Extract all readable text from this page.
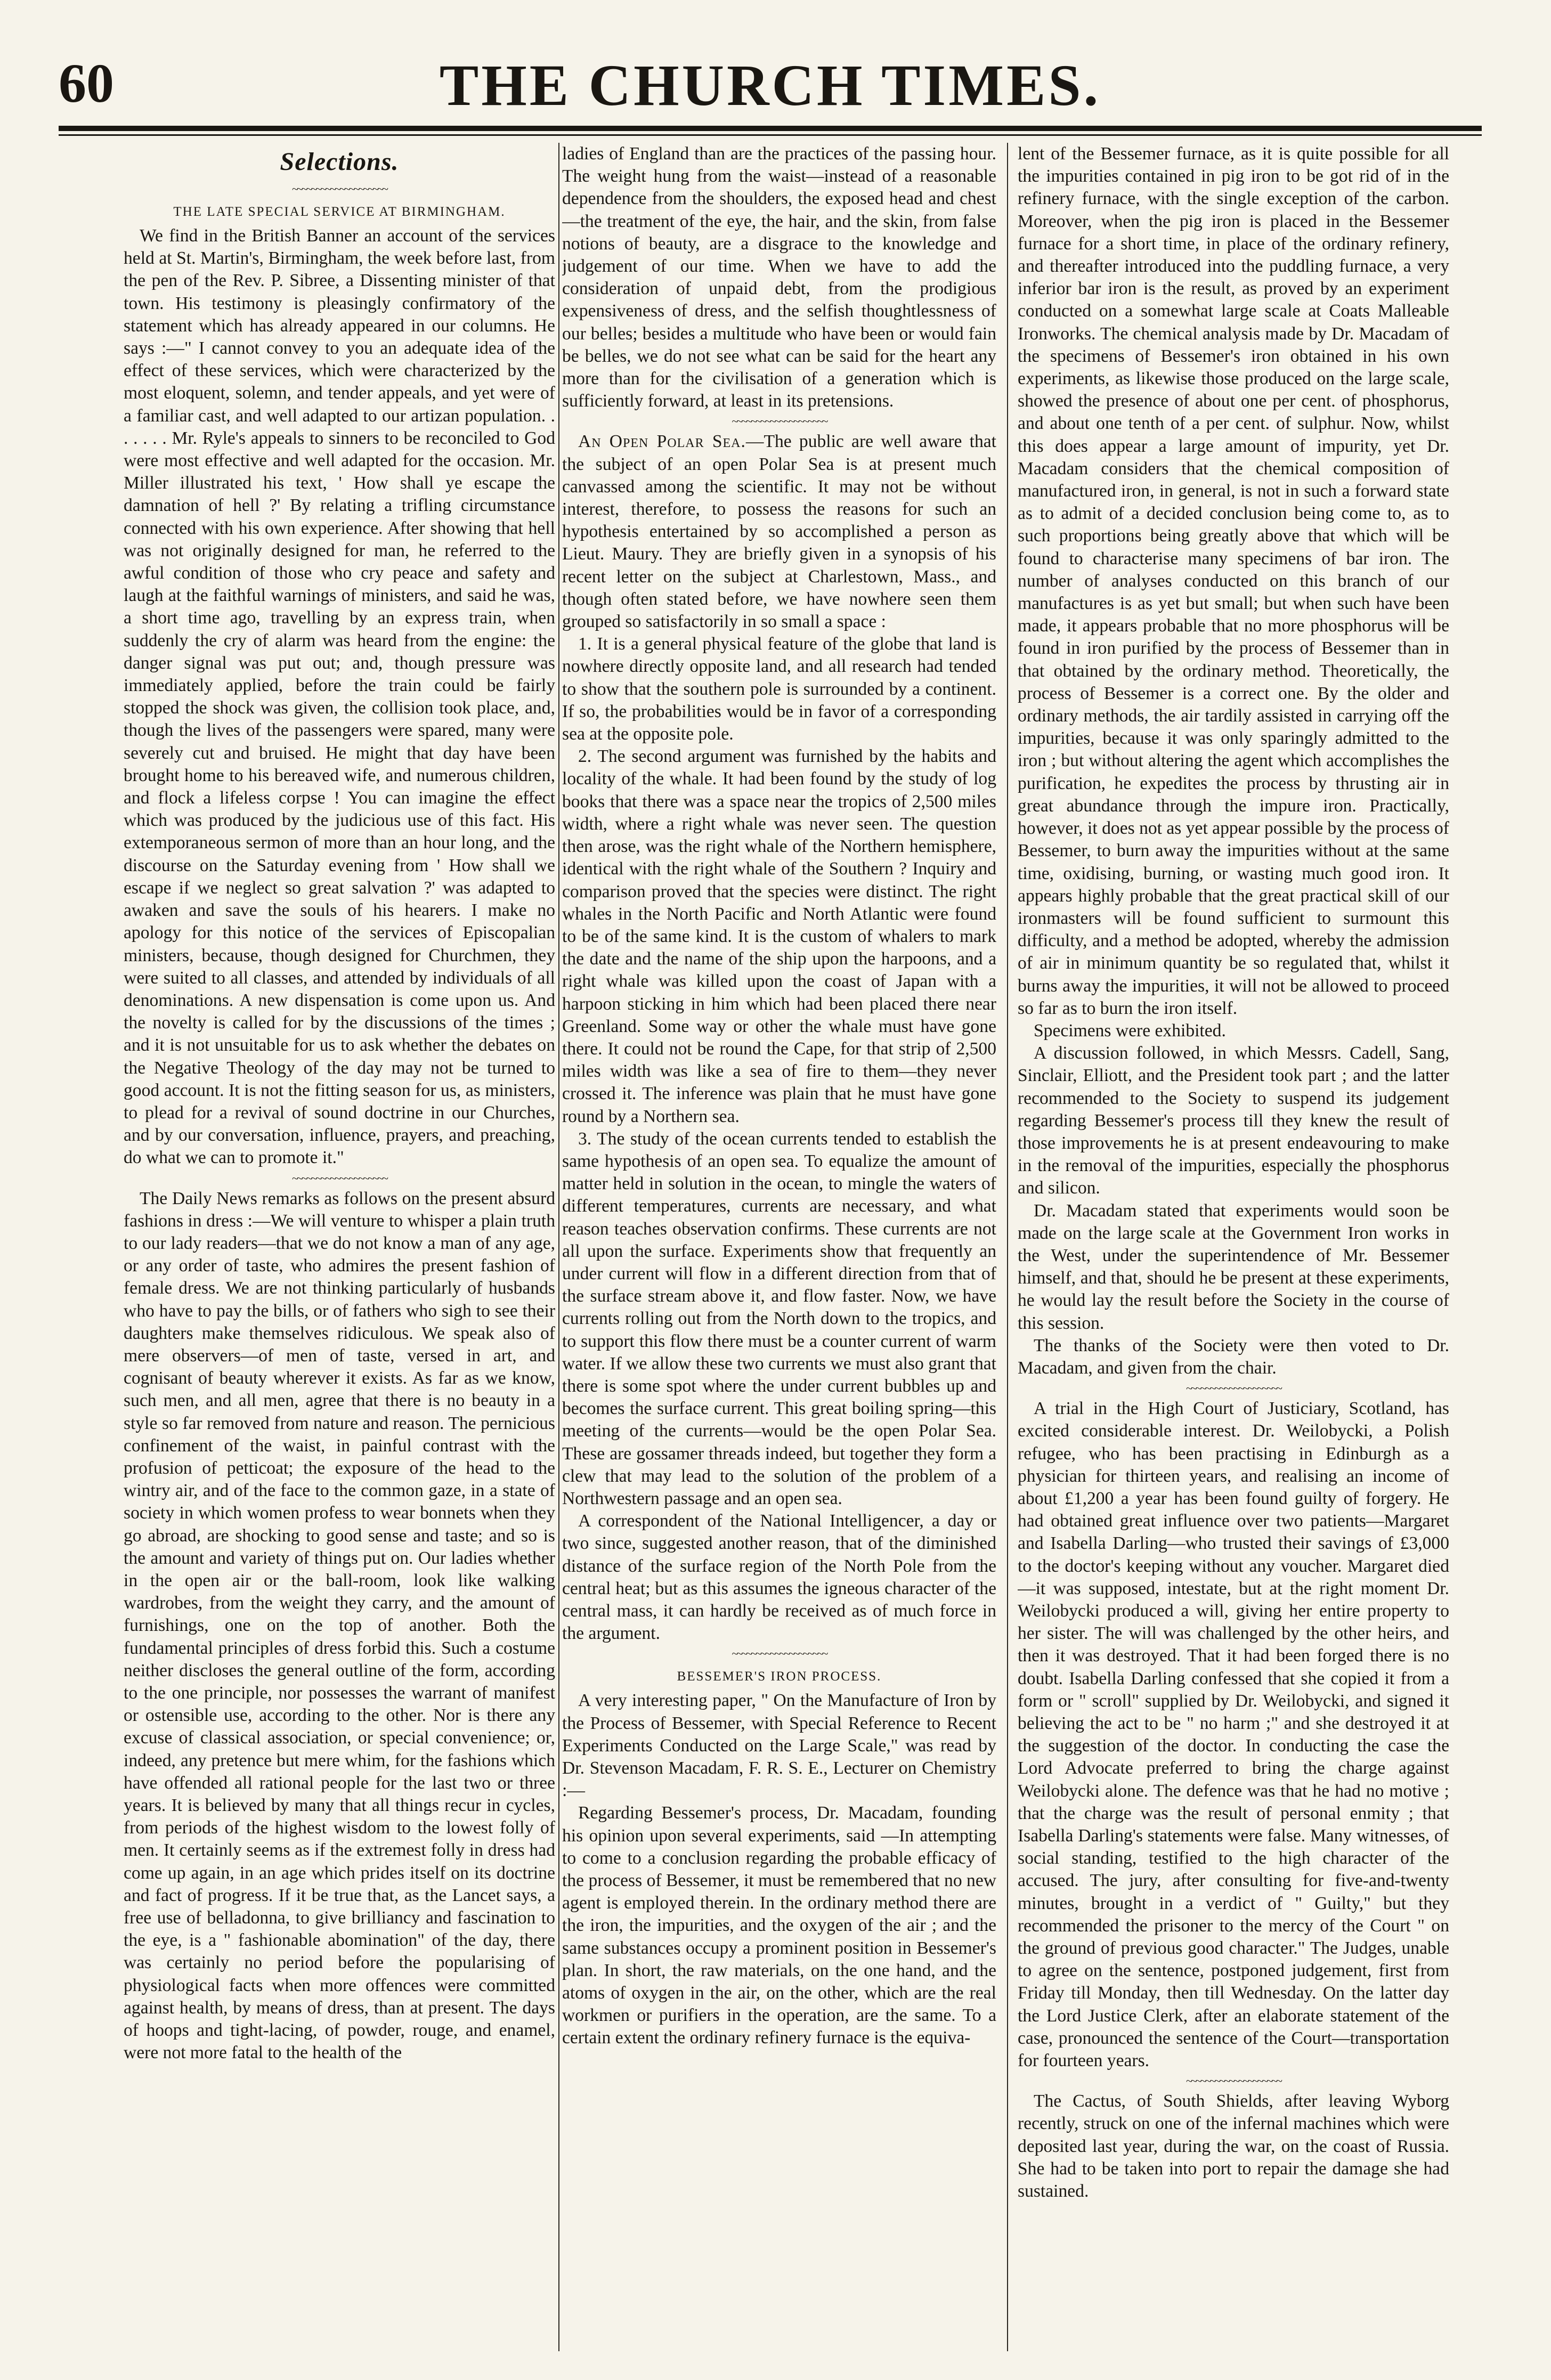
60	THE CHURCH TIMES.
Selections.
~~~~~~~~~~~~~~~~~~~~
THE LATE SPECIAL SERVICE AT BIRMINGHAM.

We find in the British Banner an account of the services held at St. Martin's, Birmingham, the week before last, from the pen of the Rev. P. Sibree, a Dissenting minister of that town. His testimony is pleasingly confirmatory of the statement which has already appeared in our columns. He says :—" I cannot convey to you an adequate idea of the effect of these services, which were characterized by the most eloquent, solemn, and tender appeals, and yet were of a familiar cast, and well adapted to our artizan population. . . . . . . Mr. Ryle's appeals to sinners to be reconciled to God were most effective and well adapted for the occasion. Mr. Miller illustrated his text, ' How shall ye escape the damnation of hell ?' By relating a trifling circumstance connected with his own experience. After showing that hell was not originally designed for man, he referred to the awful condition of those who cry peace and safety and laugh at the faithful warnings of ministers, and said he was, a short time ago, travelling by an express train, when suddenly the cry of alarm was heard from the engine: the danger signal was put out; and, though pressure was immediately applied, before the train could be fairly stopped the shock was given, the collision took place, and, though the lives of the passengers were spared, many were severely cut and bruised. He might that day have been brought home to his bereaved wife, and numerous children, and flock a lifeless corpse ! You can imagine the effect which was produced by the judicious use of this fact. His extemporaneous sermon of more than an hour long, and the discourse on the Saturday evening from ' How shall we escape if we neglect so great salvation ?' was adapted to awaken and save the souls of his hearers. I make no apology for this notice of the services of Episcopalian ministers, because, though designed for Churchmen, they were suited to all classes, and attended by individuals of all denominations. A new dispensation is come upon us. And the novelty is called for by the discussions of the times ; and it is not unsuitable for us to ask whether the debates on the Negative Theology of the day may not be turned to good account. It is not the fitting season for us, as ministers, to plead for a revival of sound doctrine in our Churches, and by our conversation, influence, prayers, and preaching, do what we can to promote it."

~~~~~~~~~~~~~~~~~~~~

The Daily News remarks as follows on the present absurd fashions in dress :—We will venture to whisper a plain truth to our lady readers—that we do not know a man of any age, or any order of taste, who admires the present fashion of female dress. We are not thinking particularly of husbands who have to pay the bills, or of fathers who sigh to see their daughters make themselves ridiculous. We speak also of mere observers—of men of taste, versed in art, and cognisant of beauty wherever it exists. As far as we know, such men, and all men, agree that there is no beauty in a style so far removed from nature and reason. The pernicious confinement of the waist, in painful contrast with the profusion of petticoat; the exposure of the head to the wintry air, and of the face to the common gaze, in a state of society in which women profess to wear bonnets when they go abroad, are shocking to good sense and taste; and so is the amount and variety of things put on. Our ladies whether in the open air or the ball-room, look like walking wardrobes, from the weight they carry, and the amount of furnishings, one on the top of another. Both the fundamental principles of dress forbid this. Such a costume neither discloses the general outline of the form, according to the one principle, nor possesses the warrant of manifest or ostensible use, according to the other. Nor is there any excuse of classical association, or special convenience; or, indeed, any pretence but mere whim, for the fashions which have offended all rational people for the last two or three years. It is believed by many that all things recur in cycles, from periods of the highest wisdom to the lowest folly of men. It certainly seems as if the extremest folly in dress had come up again, in an age which prides itself on its doctrine and fact of progress. If it be true that, as the Lancet says, a free use of belladonna, to give brilliancy and fascination to the eye, is a " fashionable abomination" of the day, there was certainly no period before the popularising of physiological facts when more offences were committed against health, by means of dress, than at present. The days of hoops and tight-lacing, of powder, rouge, and enamel, were not more fatal to the health of the

ladies of England than are the practices of the passing hour. The weight hung from the waist—instead of a reasonable dependence from the shoulders, the exposed head and chest—the treatment of the eye, the hair, and the skin, from false notions of beauty, are a disgrace to the knowledge and judgement of our time. When we have to add the consideration of unpaid debt, from the prodigious expensiveness of dress, and the selfish thoughtlessness of our belles; besides a multitude who have been or would fain be belles, we do not see what can be said for the heart any more than for the civilisation of a generation which is sufficiently forward, at least in its pretensions.

~~~~~~~~~~~~~~~~~~~~

An Open Polar Sea.—The public are well aware that the subject of an open Polar Sea is at present much canvassed among the scientific. It may not be without interest, therefore, to possess the reasons for such an hypothesis entertained by so accomplished a person as Lieut. Maury. They are briefly given in a synopsis of his recent letter on the subject at Charlestown, Mass., and though often stated before, we have nowhere seen them grouped so satisfactorily in so small a space :

1. It is a general physical feature of the globe that land is nowhere directly opposite land, and all research had tended to show that the southern pole is surrounded by a continent. If so, the probabilities would be in favor of a corresponding sea at the opposite pole.

2. The second argument was furnished by the habits and locality of the whale. It had been found by the study of log books that there was a space near the tropics of 2,500 miles width, where a right whale was never seen. The question then arose, was the right whale of the Northern hemisphere, identical with the right whale of the Southern ? Inquiry and comparison proved that the species were distinct. The right whales in the North Pacific and North Atlantic were found to be of the same kind. It is the custom of whalers to mark the date and the name of the ship upon the harpoons, and a right whale was killed upon the coast of Japan with a harpoon sticking in him which had been placed there near Greenland. Some way or other the whale must have gone there. It could not be round the Cape, for that strip of 2,500 miles width was like a sea of fire to them—they never crossed it. The inference was plain that he must have gone round by a Northern sea.

3. The study of the ocean currents tended to establish the same hypothesis of an open sea. To equalize the amount of matter held in solution in the ocean, to mingle the waters of different temperatures, currents are necessary, and what reason teaches observation confirms. These currents are not all upon the surface. Experiments show that frequently an under current will flow in a different direction from that of the surface stream above it, and flow faster. Now, we have currents rolling out from the North down to the tropics, and to support this flow there must be a counter current of warm water. If we allow these two currents we must also grant that there is some spot where the under current bubbles up and becomes the surface current. This great boiling spring—this meeting of the currents—would be the open Polar Sea. These are gossamer threads indeed, but together they form a clew that may lead to the solution of the problem of a Northwestern passage and an open sea.

A correspondent of the National Intelligencer, a day or two since, suggested another reason, that of the diminished distance of the surface region of the North Pole from the central heat; but as this assumes the igneous character of the central mass, it can hardly be received as of much force in the argument.

~~~~~~~~~~~~~~~~~~~~
BESSEMER'S IRON PROCESS.

A very interesting paper, " On the Manufacture of Iron by the Process of Bessemer, with Special Reference to Recent Experiments Conducted on the Large Scale," was read by Dr. Stevenson Macadam, F. R. S. E., Lecturer on Chemistry :—

Regarding Bessemer's process, Dr. Macadam, founding his opinion upon several experiments, said —In attempting to come to a conclusion regarding the probable efficacy of the process of Bessemer, it must be remembered that no new agent is employed therein. In the ordinary method there are the iron, the impurities, and the oxygen of the air ; and the same substances occupy a prominent position in Bessemer's plan. In short, the raw materials, on the one hand, and the atoms of oxygen in the air, on the other, which are the real workmen or purifiers in the operation, are the same. To a certain extent the ordinary refinery furnace is the equiva-

lent of the Bessemer furnace, as it is quite possible for all the impurities contained in pig iron to be got rid of in the refinery furnace, with the single exception of the carbon. Moreover, when the pig iron is placed in the Bessemer furnace for a short time, in place of the ordinary refinery, and thereafter introduced into the puddling furnace, a very inferior bar iron is the result, as proved by an experiment conducted on a somewhat large scale at Coats Malleable Ironworks. The chemical analysis made by Dr. Macadam of the specimens of Bessemer's iron obtained in his own experiments, as likewise those produced on the large scale, showed the presence of about one per cent. of phosphorus, and about one tenth of a per cent. of sulphur. Now, whilst this does appear a large amount of impurity, yet Dr. Macadam considers that the chemical composition of manufactured iron, in general, is not in such a forward state as to admit of a decided conclusion being come to, as to such proportions being greatly above that which will be found to characterise many specimens of bar iron. The number of analyses conducted on this branch of our manufactures is as yet but small; but when such have been made, it appears probable that no more phosphorus will be found in iron purified by the process of Bessemer than in that obtained by the ordinary method. Theoretically, the process of Bessemer is a correct one. By the older and ordinary methods, the air tardily assisted in carrying off the impurities, because it was only sparingly admitted to the iron ; but without altering the agent which accomplishes the purification, he expedites the process by thrusting air in great abundance through the impure iron. Practically, however, it does not as yet appear possible by the process of Bessemer, to burn away the impurities without at the same time, oxidising, burning, or wasting much good iron. It appears highly probable that the great practical skill of our ironmasters will be found sufficient to surmount this difficulty, and a method be adopted, whereby the admission of air in minimum quantity be so regulated that, whilst it burns away the impurities, it will not be allowed to proceed so far as to burn the iron itself.

Specimens were exhibited.

A discussion followed, in which Messrs. Cadell, Sang, Sinclair, Elliott, and the President took part ; and the latter recommended to the Society to suspend its judgement regarding Bessemer's process till they knew the result of those improvements he is at present endeavouring to make in the removal of the impurities, especially the phosphorus and silicon.

Dr. Macadam stated that experiments would soon be made on the large scale at the Government Iron works in the West, under the superintendence of Mr. Bessemer himself, and that, should he be present at these experiments, he would lay the result before the Society in the course of this session.

The thanks of the Society were then voted to Dr. Macadam, and given from the chair.

~~~~~~~~~~~~~~~~~~~~

A trial in the High Court of Justiciary, Scotland, has excited considerable interest. Dr. Weilobycki, a Polish refugee, who has been practising in Edinburgh as a physician for thirteen years, and realising an income of about £1,200 a year has been found guilty of forgery. He had obtained great influence over two patients—Margaret and Isabella Darling—who trusted their savings of £3,000 to the doctor's keeping without any voucher. Margaret died—it was supposed, intestate, but at the right moment Dr. Weilobycki produced a will, giving her entire property to her sister. The will was challenged by the other heirs, and then it was destroyed. That it had been forged there is no doubt. Isabella Darling confessed that she copied it from a form or " scroll" supplied by Dr. Weilobycki, and signed it believing the act to be " no harm ;" and she destroyed it at the suggestion of the doctor. In conducting the case the Lord Advocate preferred to bring the charge against Weilobycki alone. The defence was that he had no motive ; that the charge was the result of personal enmity ; that Isabella Darling's statements were false. Many witnesses, of social standing, testified to the high character of the accused. The jury, after consulting for five-and-twenty minutes, brought in a verdict of " Guilty," but they recommended the prisoner to the mercy of the Court " on the ground of previous good character." The Judges, unable to agree on the sentence, postponed judgement, first from Friday till Monday, then till Wednesday. On the latter day the Lord Justice Clerk, after an elaborate statement of the case, pronounced the sentence of the Court—transportation for fourteen years.

~~~~~~~~~~~~~~~~~~~~

The Cactus, of South Shields, after leaving Wyborg recently, struck on one of the infernal machines which were deposited last year, during the war, on the coast of Russia. She had to be taken into port to repair the damage she had sustained.
